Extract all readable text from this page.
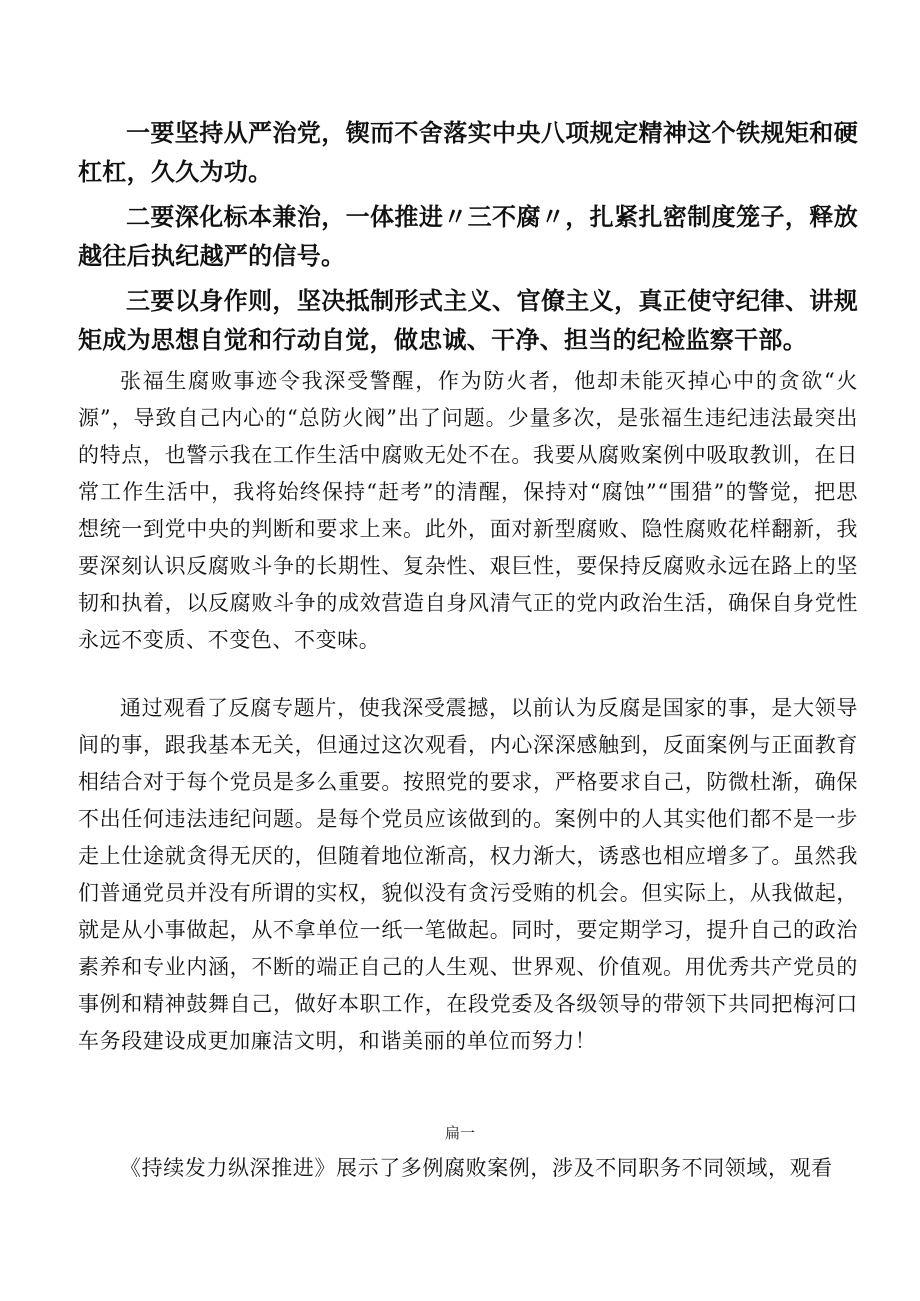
一要坚持从严治党，锲而不舍落实中央八项规定精神这个铁规矩和硬杠杠，久久为功。

二要深化标本兼治，一体推进〃三不腐〃，扎紧扎密制度笼子，释放越往后执纪越严的信号。

三要以身作则，坚决抵制形式主义、官僚主义，真正使守纪律、讲规矩成为思想自觉和行动自觉，做忠诚、干净、担当的纪检监察干部。

张福生腐败事迹令我深受警醒，作为防火者，他却未能灭掉心中的贪欲“火源”，导致自己内心的“总防火阀”出了问题。少量多次，是张福生违纪违法最突出的特点，也警示我在工作生活中腐败无处不在。我要从腐败案例中吸取教训，在日常工作生活中，我将始终保持“赶考”的清醒，保持对“腐蚀”“围猎”的警觉，把思想统一到党中央的判断和要求上来。此外，面对新型腐败、隐性腐败花样翻新，我要深刻认识反腐败斗争的长期性、复杂性、艰巨性，要保持反腐败永远在路上的坚韧和执着，以反腐败斗争的成效营造自身风清气正的党内政治生活，确保自身党性永远不变质、不变色、不变味。

通过观看了反腐专题片，使我深受震撼，以前认为反腐是国家的事，是大领导间的事，跟我基本无关，但通过这次观看，内心深深感触到，反面案例与正面教育相结合对于每个党员是多么重要。按照党的要求，严格要求自己，防微杜渐，确保不出任何违法违纪问题。是每个党员应该做到的。案例中的人其实他们都不是一步走上仕途就贪得无厌的，但随着地位渐高，权力渐大，诱惑也相应增多了。虽然我们普通党员并没有所谓的实权，貌似没有贪污受贿的机会。但实际上，从我做起，就是从小事做起，从不拿单位一纸一笔做起。同时，要定期学习，提升自己的政治素养和专业内涵，不断的端正自己的人生观、世界观、价值观。用优秀共产党员的事例和精神鼓舞自己，做好本职工作，在段党委及各级领导的带领下共同把梅河口车务段建设成更加廉洁文明，和谐美丽的单位而努力！

扁一

《持续发力纵深推进》展示了多例腐败案例，涉及不同职务不同领域，观看
